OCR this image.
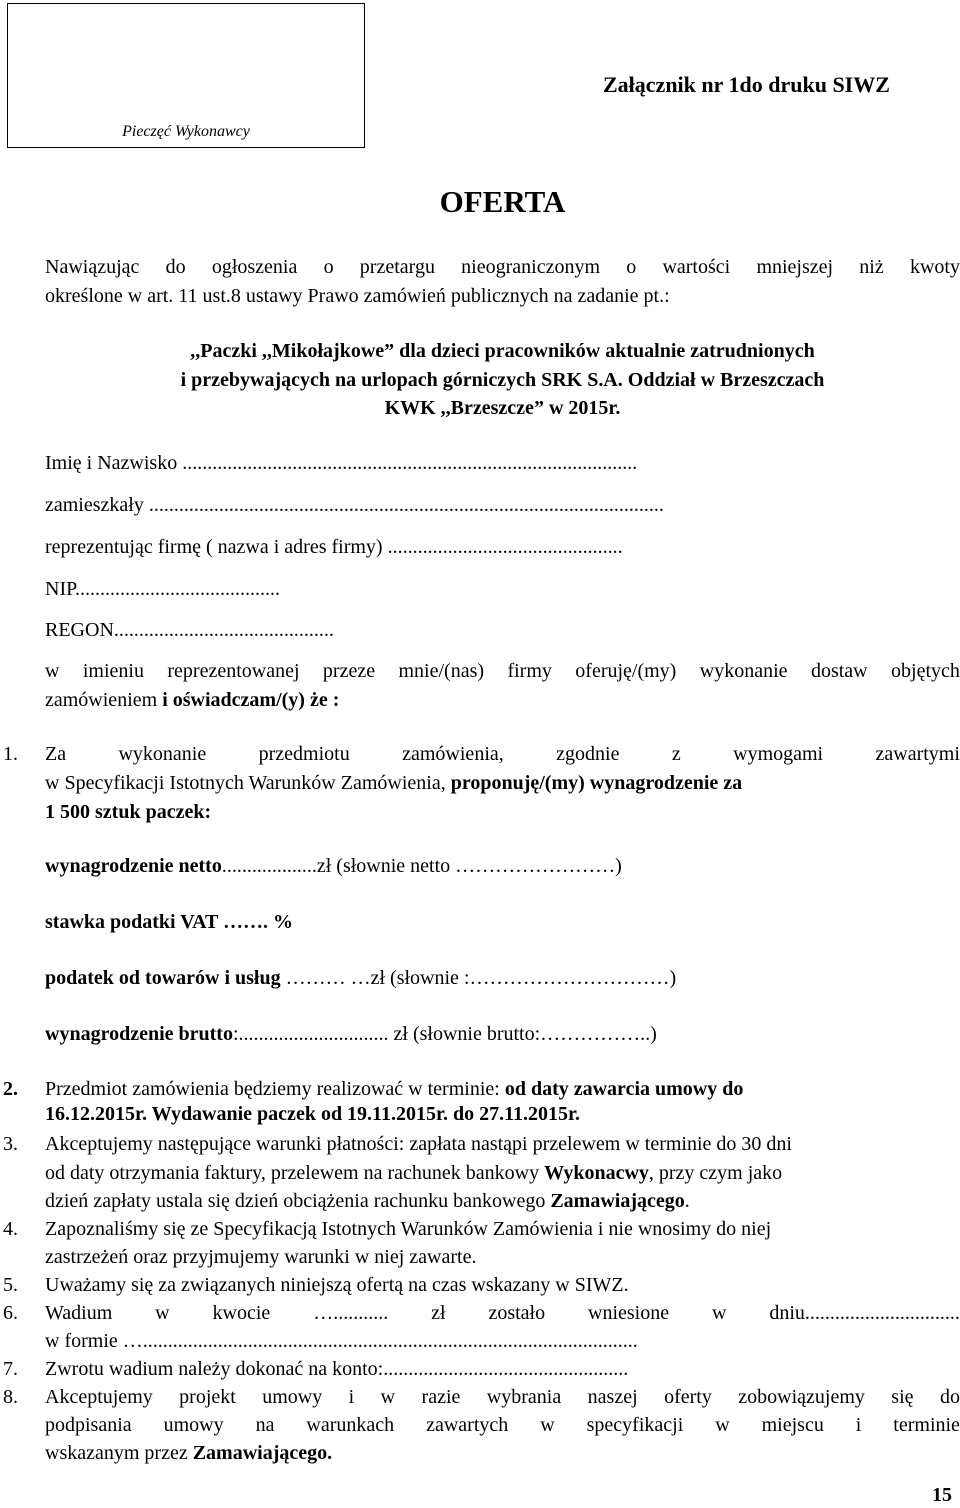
Pieczęć Wykonawcy
Załącznik nr 1do druku SIWZ
OFERTA
Nawiązując do ogłoszenia o przetargu nieograniczonym o wartości mniejszej niż kwoty
określone w art. 11 ust.8 ustawy Prawo zamówień publicznych na zadanie pt.:
,,Paczki ,,Mikołajkowe” dla dzieci pracowników aktualnie zatrudnionych
i przebywających na urlopach górniczych SRK S.A. Oddział w Brzeszczach
KWK ,,Brzeszcze” w 2015r.
Imię i Nazwisko ...........................................................................................
zamieszkały .......................................................................................................
reprezentując firmę ( nazwa i adres firmy) ...............................................
NIP.........................................
REGON............................................
w imieniu reprezentowanej przeze mnie/(nas) firmy oferuję/(my) wykonanie dostaw objętych
zamówieniem i oświadczam/(y) że :
1. Za	wykonanie	przedmiotu	zamówienia,	zgodnie	z	wymogami	zawartymi
w Specyfikacji Istotnych Warunków Zamówienia, proponuję/(my) wynagrodzenie za
1 500 sztuk paczek:
wynagrodzenie netto...................zł (słownie netto ……………………)
stawka podatki VAT ……. %
podatek od towarów i usług ……… …zł (słownie :…………………………)
wynagrodzenie brutto:.............................. zł (słownie brutto:……………..)
2. Przedmiot zamówienia będziemy realizować w terminie: od daty zawarcia umowy do
16.12.2015r. Wydawanie paczek od 19.11.2015r. do 27.11.2015r.
3. Akceptujemy następujące warunki płatności: zapłata nastąpi przelewem w terminie do 30 dni
od daty otrzymania faktury, przelewem na rachunek bankowy Wykonacwy, przy czym jako
dzień zapłaty ustala się dzień obciążenia rachunku bankowego Zamawiającego.
4. Zapoznaliśmy się ze Specyfikacją Istotnych Warunków Zamówienia i nie wnosimy do niej
zastrzeżeń oraz przyjmujemy warunki w niej zawarte.
5. Uważamy się za związanych niniejszą ofertą na czas wskazany w SIWZ.
6. Wadium w kwocie …........... zł zostało wniesione w dniu...............................
w formie …...................................................................................................
7. Zwrotu wadium należy dokonać na konto:.................................................
8. Akceptujemy projekt umowy i w razie wybrania naszej oferty zobowiązujemy się do
podpisania umowy na warunkach zawartych w specyfikacji w miejscu i terminie
wskazanym przez Zamawiającego.
15
